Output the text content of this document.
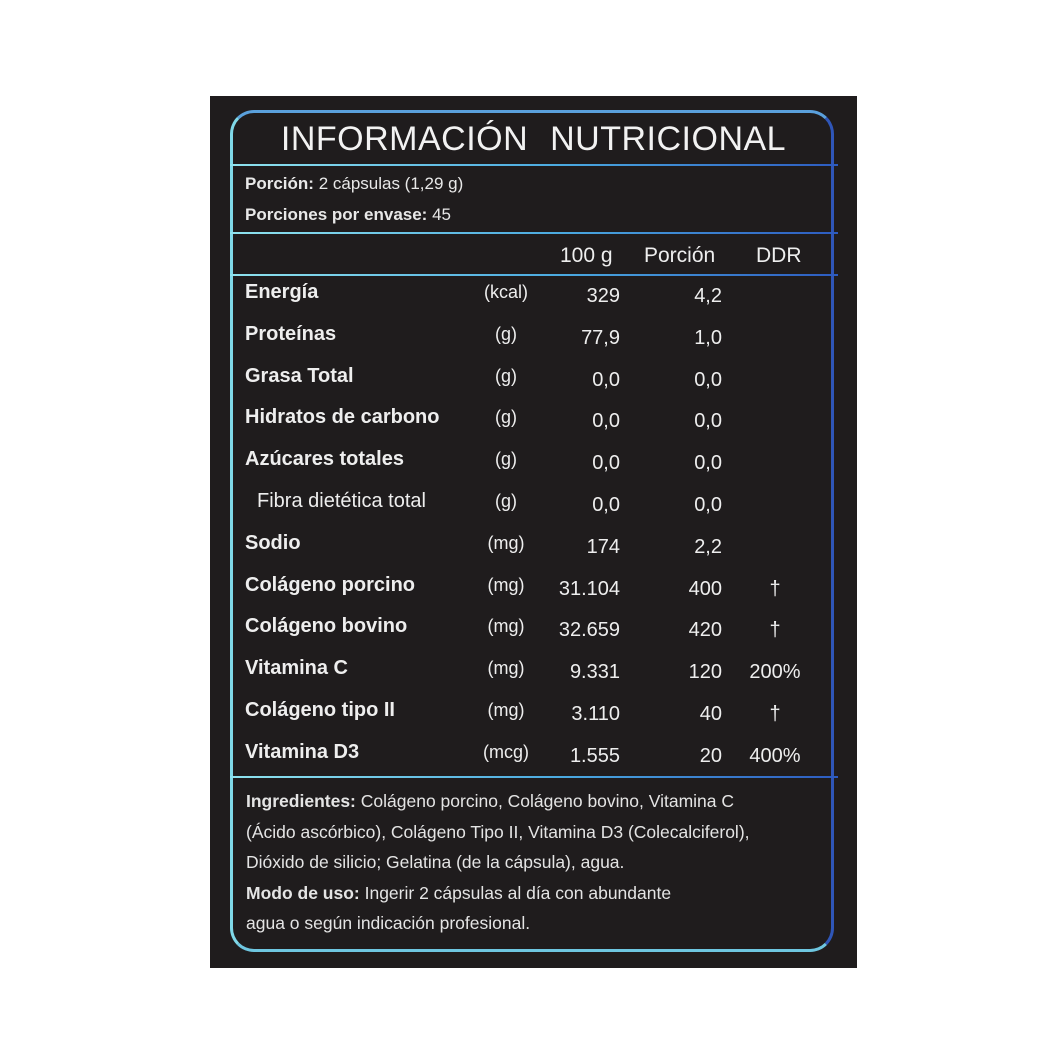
INFORMACIÓN NUTRICIONAL
Porción: 2 cápsulas (1,29 g)
Porciones por envase: 45
100 g Porción DDR
Energía	(kcal)	329	4,2
Proteínas	(g)	77,9	1,0
Grasa Total	(g)	0,0	0,0
Hidratos de carbono	(g)	0,0	0,0
Azúcares totales	(g)	0,0	0,0
Fibra dietética total	(g)	0,0	0,0
Sodio	(mg)	174	2,2
Colágeno porcino	(mg)	31.104	400	†
Colágeno bovino	(mg)	32.659	420	†
Vitamina C	(mg)	9.331	120	200%
Colágeno tipo II	(mg)	3.110	40	†
Vitamina D3	(mcg)	1.555	20	400%
Ingredientes: Colágeno porcino, Colágeno bovino, Vitamina C
(Ácido ascórbico), Colágeno Tipo II, Vitamina D3 (Colecalciferol),
Dióxido de silicio; Gelatina (de la cápsula), agua.
Modo de uso: Ingerir 2 cápsulas al día con abundante
agua o según indicación profesional.
